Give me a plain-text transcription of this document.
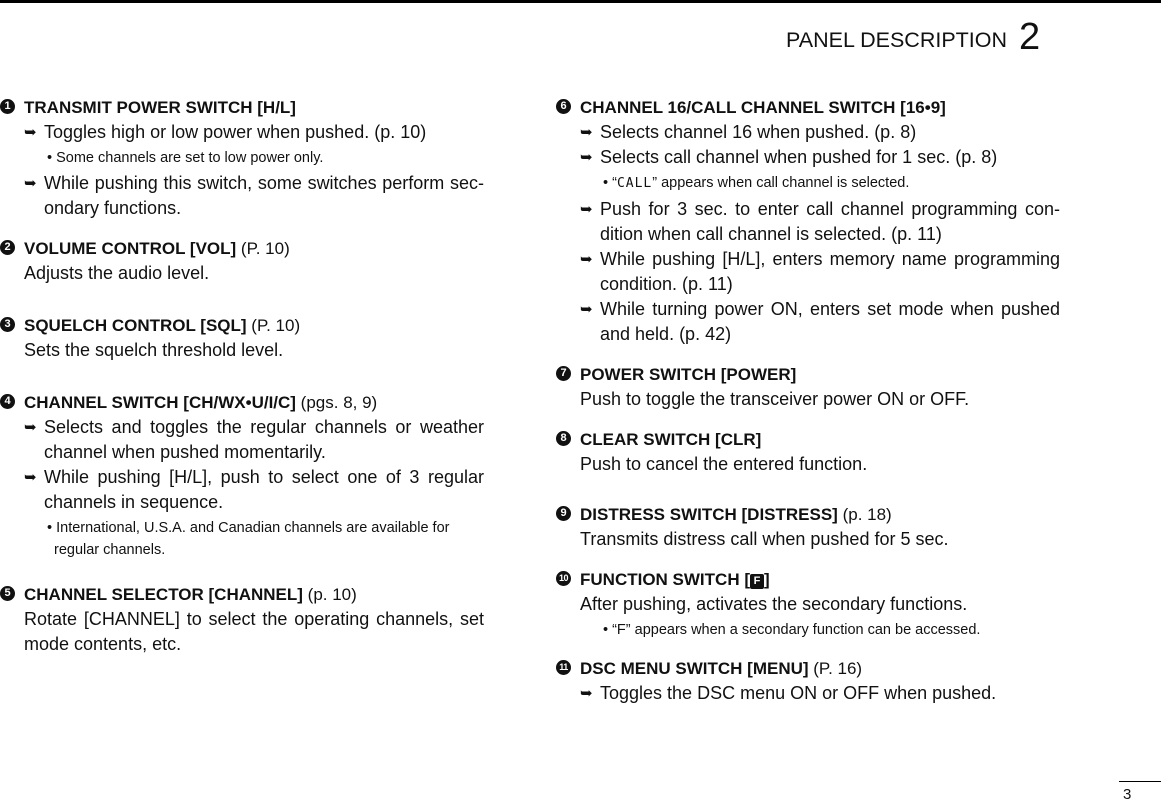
PANEL DESCRIPTION 2
1 TRANSMIT POWER SWITCH [H/L]
➥ Toggles high or low power when pushed. (p. 10)
• Some channels are set to low power only.
➥ While pushing this switch, some switches perform sec-ondary functions.
2 VOLUME CONTROL [VOL] (P. 10)
Adjusts the audio level.
3 SQUELCH CONTROL [SQL] (P. 10)
Sets the squelch threshold level.
4 CHANNEL SWITCH [CH/WX•U/I/C] (pgs. 8, 9)
➥ Selects and toggles the regular channels or weather channel when pushed momentarily.
➥ While pushing [H/L], push to select one of 3 regular channels in sequence.
• International, U.S.A. and Canadian channels are available for regular channels.
5 CHANNEL SELECTOR [CHANNEL] (p. 10)
Rotate [CHANNEL] to select the operating channels, set mode contents, etc.
6 CHANNEL 16/CALL CHANNEL SWITCH [16•9]
➥ Selects channel 16 when pushed. (p. 8)
➥ Selects call channel when pushed for 1 sec. (p. 8)
• “CALL” appears when call channel is selected.
➥ Push for 3 sec. to enter call channel programming con-dition when call channel is selected. (p. 11)
➥ While pushing [H/L], enters memory name programming condition. (p. 11)
➥ While turning power ON, enters set mode when pushed and held. (p. 42)
7 POWER SWITCH [POWER]
Push to toggle the transceiver power ON or OFF.
8 CLEAR SWITCH [CLR]
Push to cancel the entered function.
9 DISTRESS SWITCH [DISTRESS] (p. 18)
Transmits distress call when pushed for 5 sec.
10 FUNCTION SWITCH [ F ]
After pushing, activates the secondary functions.
• “F” appears when a secondary function can be accessed.
11 DSC MENU SWITCH [MENU] (P. 16)
➥ Toggles the DSC menu ON or OFF when pushed.
3
